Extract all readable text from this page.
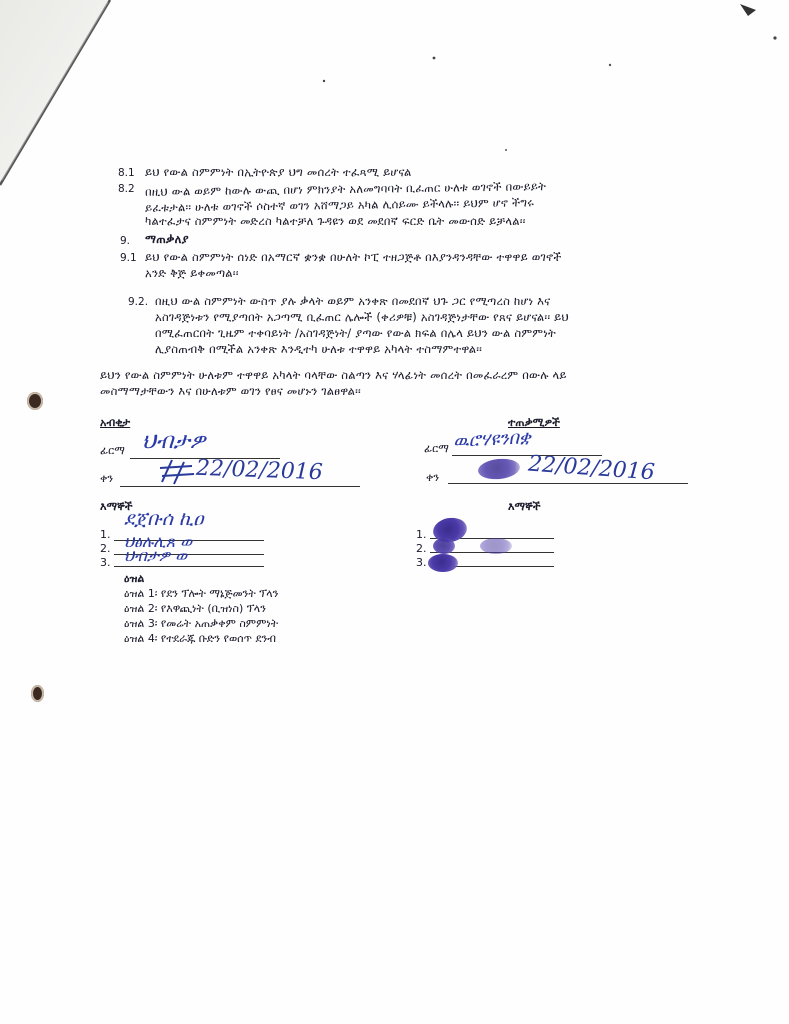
8.1 ይህ የውል ስምምነት በኢትዮጵያ ህግ መሰረት ተፈጻሚ ይሆናል
8.2 በዚህ ውል ወይም ከውሉ ውጪ በሆነ ምክንያት አለመግባባት ቢፈጠር ሁለቱ ወገኖች በውይይት
ይፈቱታል፡፡ ሁለቱ ወገኖች ሶስተኛ ወገን አሸማጋይ አካል ሊሰይሙ ይችላሉ፡፡ ይህም ሆኖ ችግሩ
ካልተፈታና ስምምነት መድረስ ካልተቻለ ጉዳዩን ወደ መደበኛ ፍርድ ቤት መውሰድ ይቻላል፡፡
9. ማጠቃለያ
9.1 ይህ የውል ስምምነት ሰነድ በአማርኛ ቋንቋ በሁለት ኮፒ ተዘጋጅቶ በእያንዳንዳቸው ተዋዋይ ወገኖች
አንድ ቅጅ ይቀመጣል፡፡
9.2. በዚህ ውል ስምምነት ውስጥ ያሉ ቃላት ወይም አንቀጽ በመደበኛ ህጉ ጋር የሚጣረስ ከሆነ እና
አስገዳጅነቱን የሚያጣበት አጋጣሚ ቢፈጠር ሌሎች (ቀሪዎቹ) አስገዳጅነታቸው የጸና ይሆናል፡፡ ይህ
በሚፈጠርበት ጊዜም ተቀባይነት /አስገዳጅነት/ ያጣው የውል ክፍል በሌላ ይህን ውል ስምምነት
ሊያስጠብቅ በሚችል አንቀጽ እንዲተካ ሁለቱ ተዋዋይ አካላት ተስማምተዋል፡፡
ይህን የውል ስምምነት ሁለቱም ተዋዋይ አካላት ባላቸው ስልጣን እና ሃላፊነት መሰረት በመፈራረም በውሉ ላይ
መስማማታቸውን እና በሁለቱም ወገን የፀና መሆኑን ገልፀዋል፡፡
አብቂታ
ፊርማ ህብታዎ
ቀን	22/02/2016
ተጠቃሚዎች
ፊርማ ዉሮሃዩንበቋ
ቀን	22/02/2016
እማኞች
1.
ደጀቡሰ ኪዐ
2. ህፅሉሊጸ ወ
3. ህብታዎ ወ
እማኞች
1.
2.
3.
ዕዝል
ዕዝል 1፡ የደን ፕሎት ማኔጅመንት ፕላን
ዕዝል 2፡ የእዋጪነት (ቢዝነስ) ፕላን
ዕዝል 3፡ የመሬት አጠቃቀም ስምምነት
ዕዝል 4፡ የተደራጁ ቡድን የወሰጥ ደንብ
